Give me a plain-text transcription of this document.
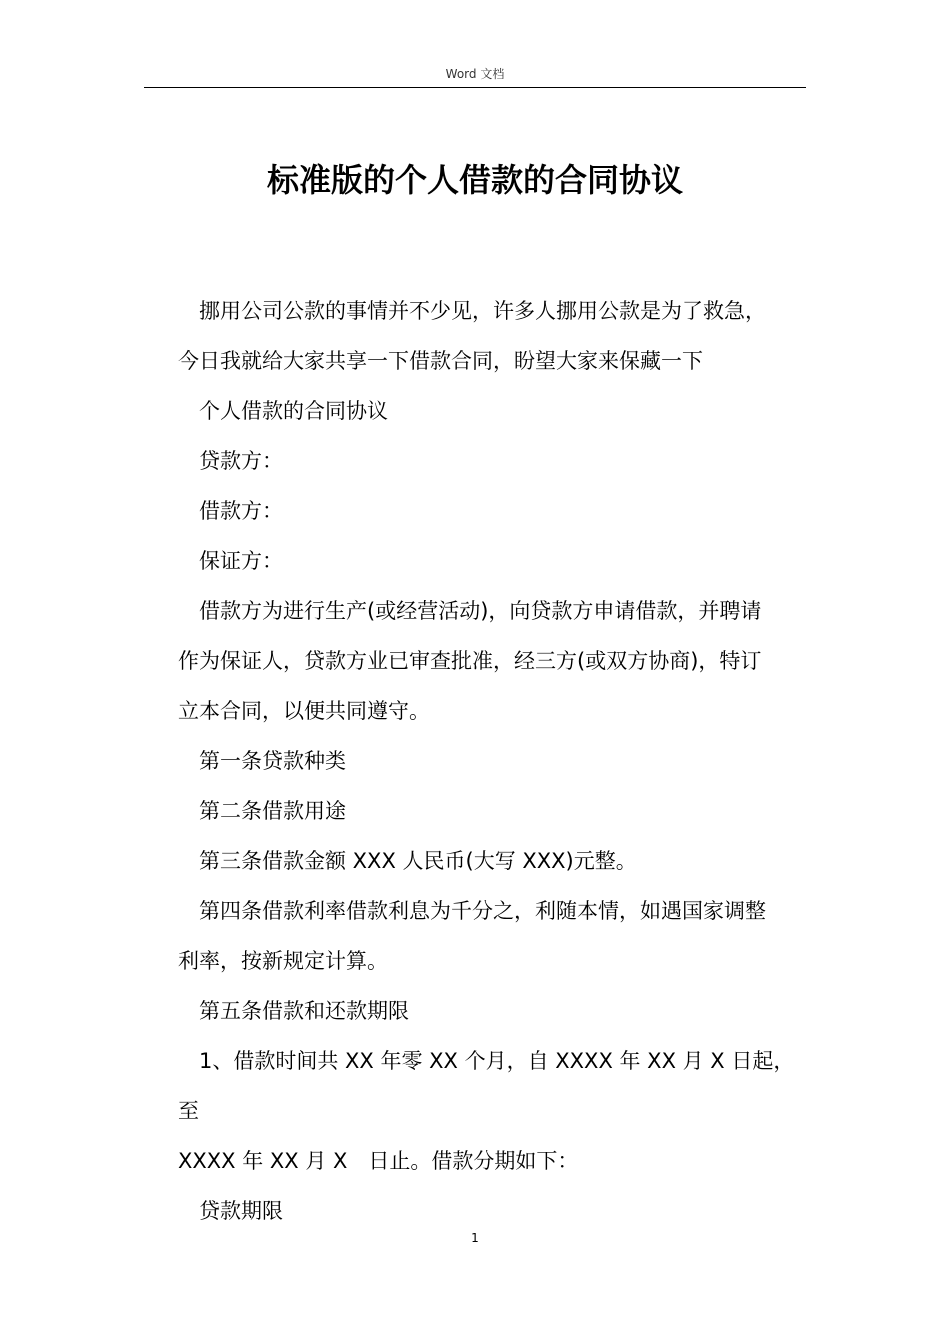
Word 文档
标准版的个人借款的合同协议
挪用公司公款的事情并不少见，许多人挪用公款是为了救急，
今日我就给大家共享一下借款合同，盼望大家来保藏一下
个人借款的合同协议
贷款方：
借款方：
保证方：
借款方为进行生产(或经营活动)，向贷款方申请借款，并聘请
作为保证人，贷款方业已审查批准，经三方(或双方协商)，特订
立本合同，以便共同遵守。
第一条贷款种类
第二条借款用途
第三条借款金额 XXX 人民币(大写 XXX)元整。
第四条借款利率借款利息为千分之，利随本情，如遇国家调整
利率，按新规定计算。
第五条借款和还款期限
1、借款时间共 XX 年零 XX 个月，自 XXXX 年 XX 月 X 日起，至
XXXX 年 XX 月 X　日止。借款分期如下：
贷款期限
1
